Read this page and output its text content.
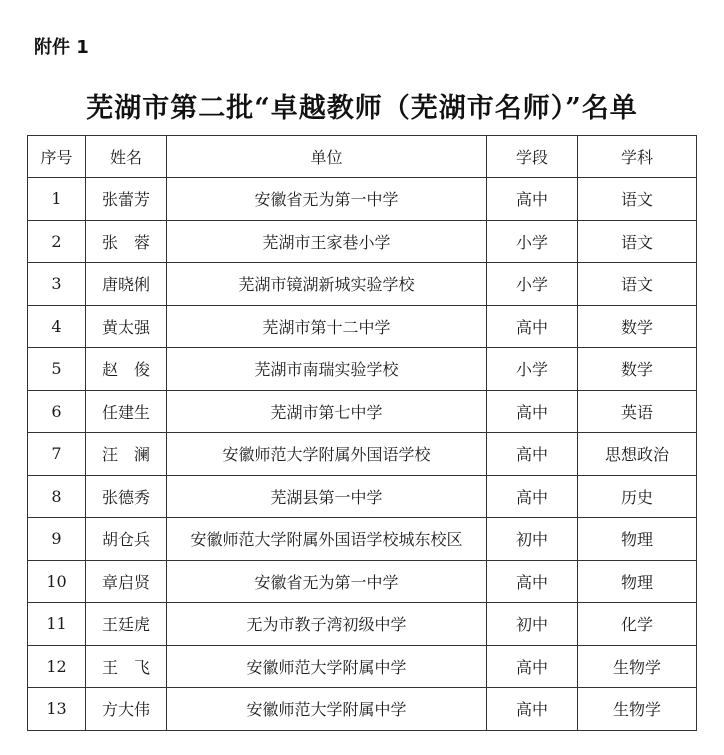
附件 1
芜湖市第二批“卓越教师（芜湖市名师）”名单
序号	姓名	单位	学段	学科
1	张蕾芳	安徽省无为第一中学	高中	语文
2	张　蓉	芜湖市王家巷小学	小学	语文
3	唐晓俐	芜湖市镜湖新城实验学校	小学	语文
4	黄太强	芜湖市第十二中学	高中	数学
5	赵　俊	芜湖市南瑞实验学校	小学	数学
6	任建生	芜湖市第七中学	高中	英语
7	汪　澜	安徽师范大学附属外国语学校	高中	思想政治
8	张德秀	芜湖县第一中学	高中	历史
9	胡仓兵	安徽师范大学附属外国语学校城东校区	初中	物理
10	章启贤	安徽省无为第一中学	高中	物理
11	王廷虎	无为市教子湾初级中学	初中	化学
12	王　飞	安徽师范大学附属中学	高中	生物学
13	方大伟	安徽师范大学附属中学	高中	生物学
